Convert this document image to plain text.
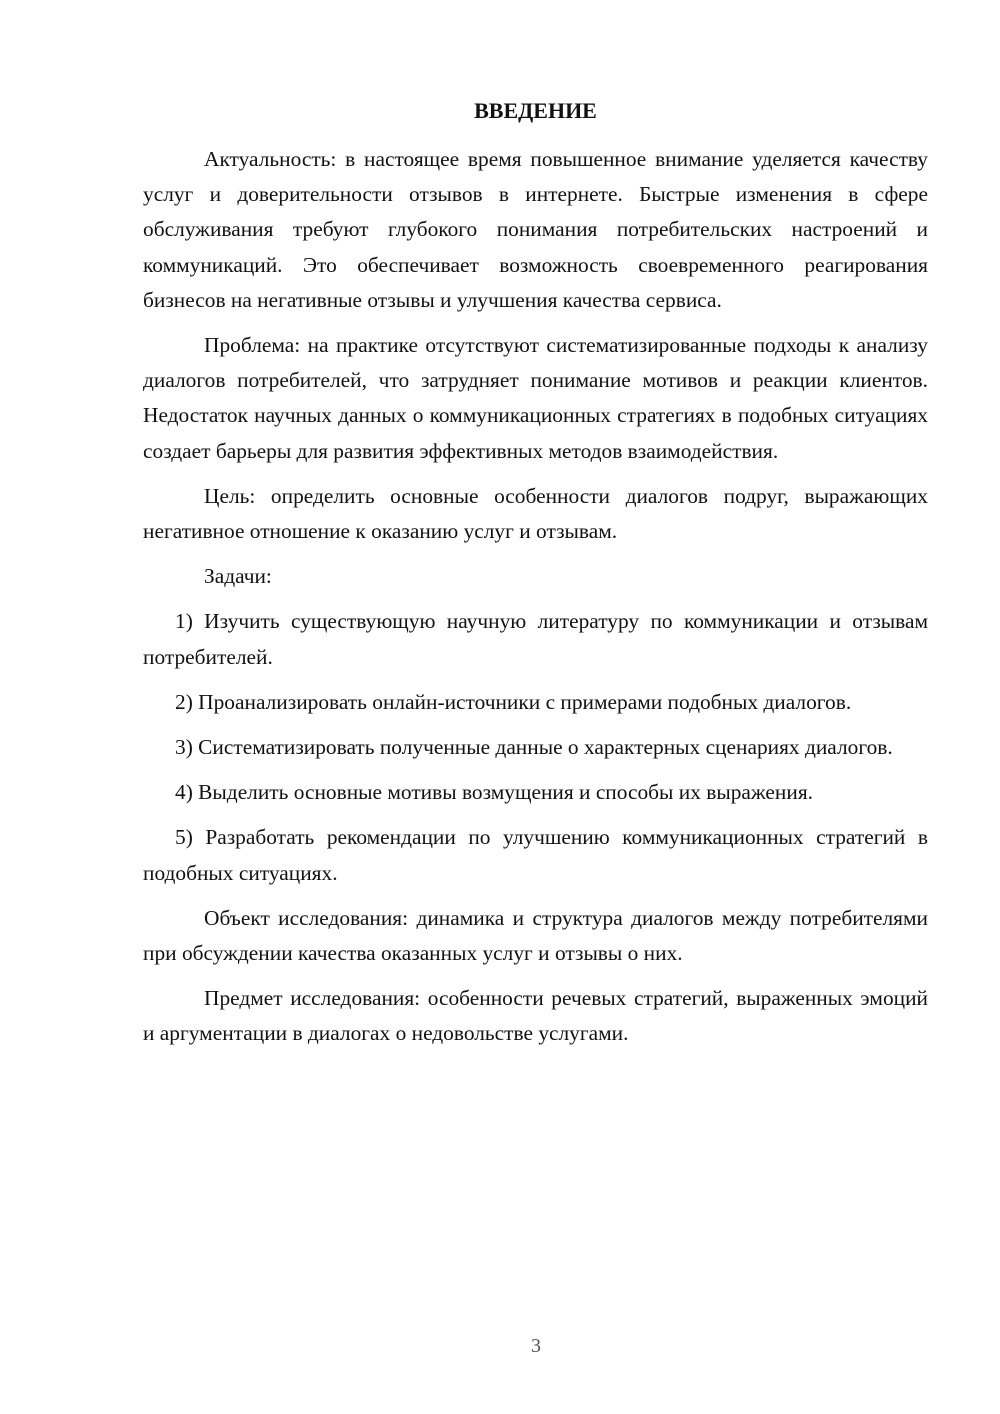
ВВЕДЕНИЕ

Актуальность: в настоящее время повышенное внимание уделяется качеству услуг и доверительности отзывов в интернете. Быстрые изменения в сфере обслуживания требуют глубокого понимания потребительских настроений и коммуникаций. Это обеспечивает возможность своевременного реагирования бизнесов на негативные отзывы и улучшения качества сервиса.

Проблема: на практике отсутствуют систематизированные подходы к анализу диалогов потребителей, что затрудняет понимание мотивов и реакции клиентов. Недостаток научных данных о коммуникационных стратегиях в подобных ситуациях создает барьеры для развития эффективных методов взаимодействия.

Цель: определить основные особенности диалогов подруг, выражающих негативное отношение к оказанию услуг и отзывам.

Задачи:

1) Изучить существующую научную литературу по коммуникации и отзывам потребителей.

2) Проанализировать онлайн-источники с примерами подобных диалогов.

3) Систематизировать полученные данные о характерных сценариях диалогов.

4) Выделить основные мотивы возмущения и способы их выражения.

5) Разработать рекомендации по улучшению коммуникационных стратегий в подобных ситуациях.

Объект исследования: динамика и структура диалогов между потребителями при обсуждении качества оказанных услуг и отзывы о них.

Предмет исследования: особенности речевых стратегий, выраженных эмоций и аргументации в диалогах о недовольстве услугами.

3
